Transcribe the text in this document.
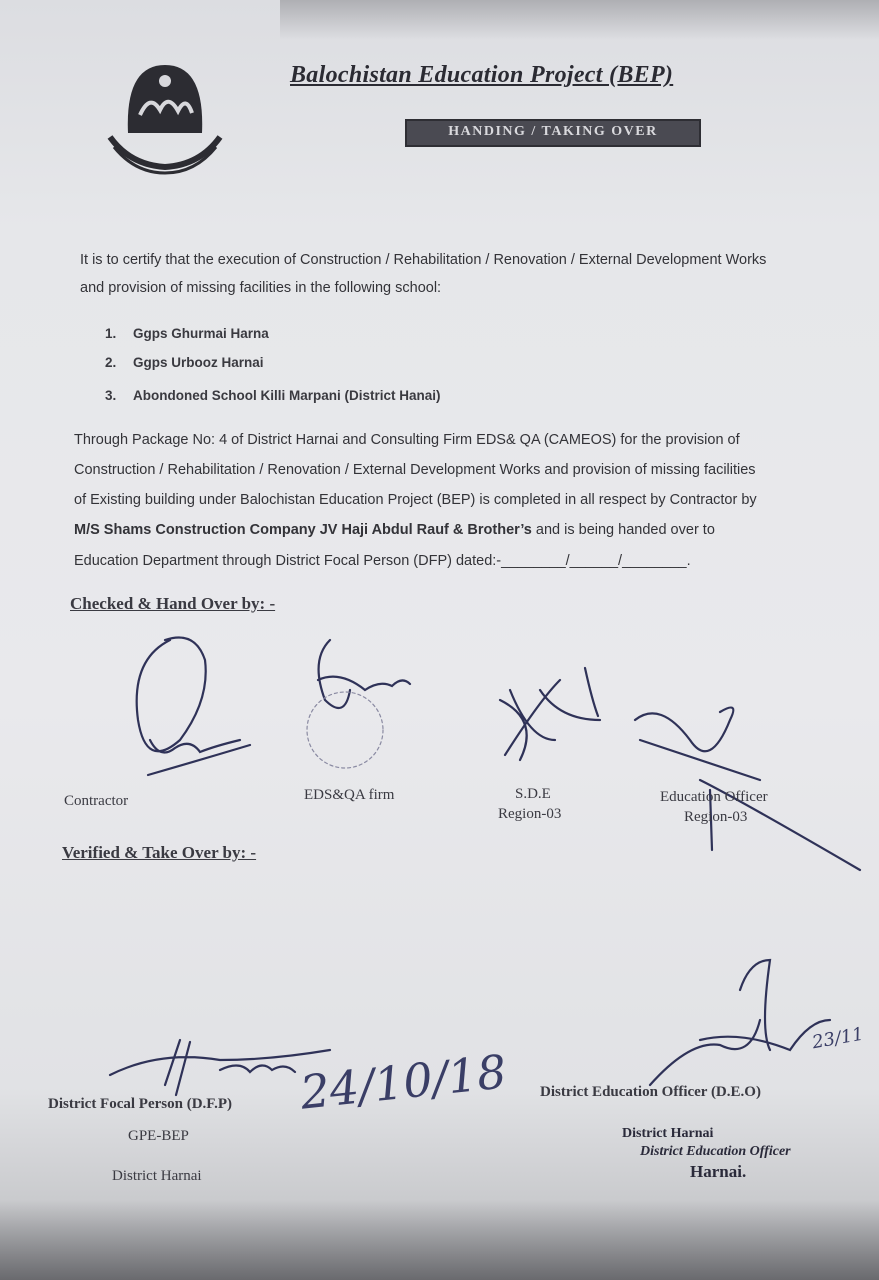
Balochistan Education Project (BEP)
HANDING / TAKING OVER
It is to certify that the execution of Construction / Rehabilitation / Renovation / External Development Works
and provision of missing facilities in the following school:
1. Ggps Ghurmai Harna
2. Ggps Urbooz Harnai
3. Abondoned School Killi Marpani (District Hanai)
Through Package No: 4 of District Harnai and Consulting Firm EDS& QA (CAMEOS) for the provision of
Construction / Rehabilitation / Renovation / External Development Works and provision of missing facilities
of Existing building under Balochistan Education Project (BEP) is completed in all respect by Contractor by
M/S Shams Construction Company JV Haji Abdul Rauf & Brother’s and is being handed over to
Education Department through District Focal Person (DFP) dated:-________/______/________.
Checked & Hand Over by: -
Contractor	EDS&QA firm	S.D.E
Region-03
Education Officer
Region-03
Verified & Take Over by: -
24/10/18
23/11
District Focal Person (D.F.P)
GPE-BEP
District Harnai
District Education Officer (D.E.O)
District Harnai
District Education Officer
Harnai.
